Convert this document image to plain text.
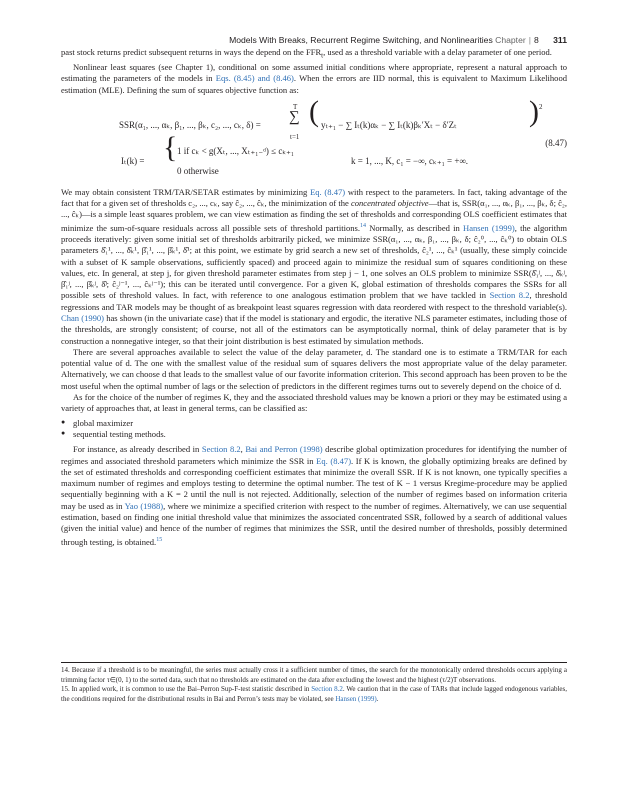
Models With Breaks, Recurrent Regime Switching, and Nonlinearities Chapter | 8 311

past stock returns predict subsequent returns in ways the depend on the $FFR_t$, used as a threshold variable with a delay parameter of one period.

Nonlinear least squares (see Chapter 1), conditional on some assumed initial conditions where appropriate, represent a natural approach to estimating the parameters of the models in Eqs. (8.45) and (8.46). When the errors are IID normal, this is equivalent to Maximum Likelihood estimation (MLE). Defining the sum of squares objective function as:

SSR(α₁, ..., αₖ, β₁, ..., βₖ, c₂, ..., cₖ, δ) =
T
∑
t=1
( yₜ₊₁ − ∑ Iₜ(k)αₖ − ∑ Iₜ(k)βₖ′Xₜ − δ′Zₜ ) 2
(8.47)
Iₜ(k) = { 1 if cₖ < g(Xₜ, ..., Xₜ₊₁₋ᵈ) ≤ cₖ₊₁
0 otherwise
k = 1, ..., K, c₁ = −∞, cₖ₊₁ = +∞.

We may obtain consistent TRM/TAR/SETAR estimates by minimizing Eq. (8.47) with respect to the parameters. In fact, taking advantage of the fact that for a given set of thresholds c₂, ..., cₖ, say ĉ₂, ..., ĉₖ, the minimization of the concentrated objective—that is, SSR(α₁, ..., αₖ, β₁, ..., βₖ, δ; ĉ₂, ..., ĉₖ)—is a simple least squares problem, we can view estimation as finding the set of thresholds and corresponding OLS coefficient estimates that minimize the sum-of-square residuals across all possible sets of threshold partitions.$^{14}$ Normally, as described in Hansen (1999), the algorithm proceeds iteratively: given some initial set of thresholds arbitrarily picked, we minimize SSR(α₁, ..., αₖ, β₁, ..., βₖ, δ; ĉ₂⁰, ..., ĉₖ⁰) to obtain OLS parameters δ̂₁¹, ..., δ̂ₖ¹, β̂₁¹, ..., β̂ₖ¹, δ̂¹; at this point, we estimate by grid search a new set of thresholds, ĉ₂¹, ..., ĉₖ¹ (usually, these simply coincide with a subset of K sample observations, sufficiently spaced) and proceed again to minimize the residual sum of squares conditioning on these values, etc. In general, at step j, for given threshold parameter estimates from step j − 1, one solves an OLS problem to minimize SSR(δ̂₁ʲ, ..., δ̂ₖʲ, β̂₁ʲ, ..., β̂ₖʲ, δ̂ʲ; ĉ₂ʲ⁻¹, ..., ĉₖʲ⁻¹); this can be iterated until convergence. For a given K, global estimation of thresholds compares the SSRs for all possible sets of threshold values. In fact, with reference to one analogous estimation problem that we have tackled in Section 8.2, threshold regressions and TAR models may be thought of as breakpoint least squares regression with data reordered with respect to the threshold variable(s). Chan (1990) has shown (in the univariate case) that if the model is stationary and ergodic, the iterative NLS parameter estimates, including those of the thresholds, are strongly consistent; of course, not all of the estimators can be asymptotically normal, think of delay parameter that is by construction a nonnegative integer, so that their joint distribution is best estimated by simulation methods.

There are several approaches available to select the value of the delay parameter, d. The standard one is to estimate a TRM/TAR for each potential value of d. The one with the smallest value of the residual sum of squares delivers the most appropriate value of the delay parameter. Alternatively, we can choose d that leads to the smallest value of our favorite information criterion. This second approach has been proven to be the most useful when the optimal number of lags or the selection of predictors in the different regimes turns out to severely depend on the choice of d.

As for the choice of the number of regimes K, they and the associated threshold values may be known a priori or they may be estimated using a variety of approaches that, at least in general terms, can be classified as:

● global maximizer
● sequential testing methods.

For instance, as already described in Section 8.2, Bai and Perron (1998) describe global optimization procedures for identifying the number of regimes and associated threshold parameters which minimize the SSR in Eq. (8.47). If K is known, the globally optimizing breaks are defined by the set of estimated thresholds and corresponding coefficient estimates that minimize the overall SSR. If K is not known, one typically specifies a maximum number of regimes and employs testing to determine the optimal number. The test of K − 1 versus Kregime-procedure may be applied sequentially beginning with a K = 2 until the null is not rejected. Additionally, selection of the number of regimes based on information criteria may be used as in Yao (1988), where we minimize a specified criterion with respect to the number of regimes. Alternatively, we can use sequential estimation, based on finding one initial threshold value that minimizes the associated concentrated SSR, followed by a search of additional values (given the initial value) and hence of the number of regimes that minimizes the SSR, until the desired number of thresholds, possibly determined through testing, is obtained.$^{15}$

14. Because if a threshold is to be meaningful, the series must actually cross it a sufficient number of times, the search for the monotonically ordered thresholds occurs applying a trimming factor τ∈(0, 1) to the sorted data, such that no thresholds are estimated on the data after excluding the lowest and the highest (τ/2)T observations.

15. In applied work, it is common to use the Bai–Perron Sup-F-test statistic described in Section 8.2. We caution that in the case of TARs that include lagged endogenous variables, the conditions required for the distributional results in Bai and Perron’s tests may be violated, see Hansen (1999).
